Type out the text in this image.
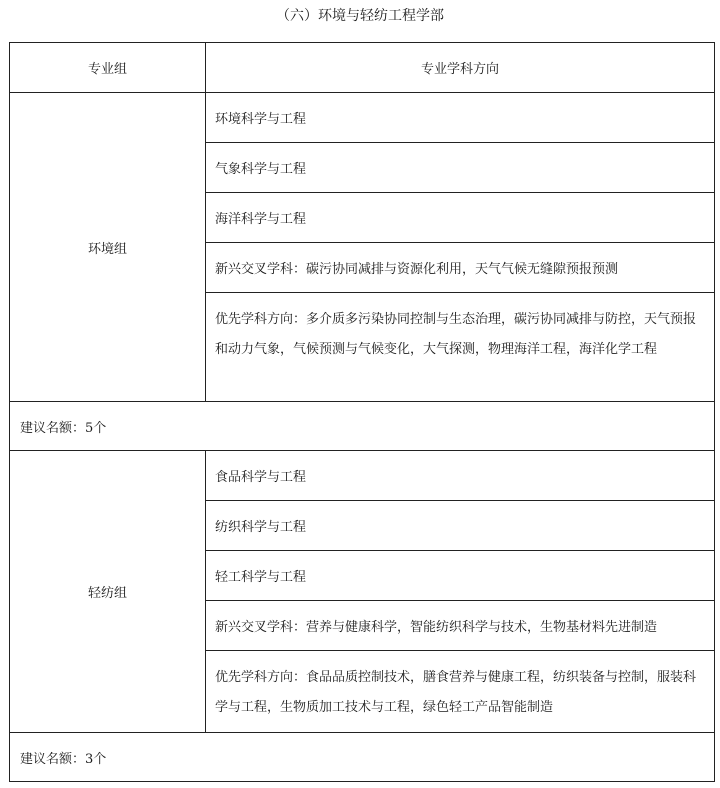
（六）环境与轻纺工程学部
专业组	专业学科方向
环境组	环境科学与工程
	气象科学与工程
	海洋科学与工程
	新兴交叉学科：碳污协同减排与资源化利用，天气气候无缝隙预报预测
	优先学科方向：多介质多污染协同控制与生态治理，碳污协同减排与防控，天气预报和动力气象，气候预测与气候变化，大气探测，物理海洋工程，海洋化学工程
建议名额：5个	
轻纺组	食品科学与工程
	纺织科学与工程
	轻工科学与工程
	新兴交叉学科：营养与健康科学，智能纺织科学与技术，生物基材料先进制造
	优先学科方向：食品品质控制技术，膳食营养与健康工程，纺织装备与控制，服装科学与工程，生物质加工技术与工程，绿色轻工产品智能制造
建议名额：3个	
